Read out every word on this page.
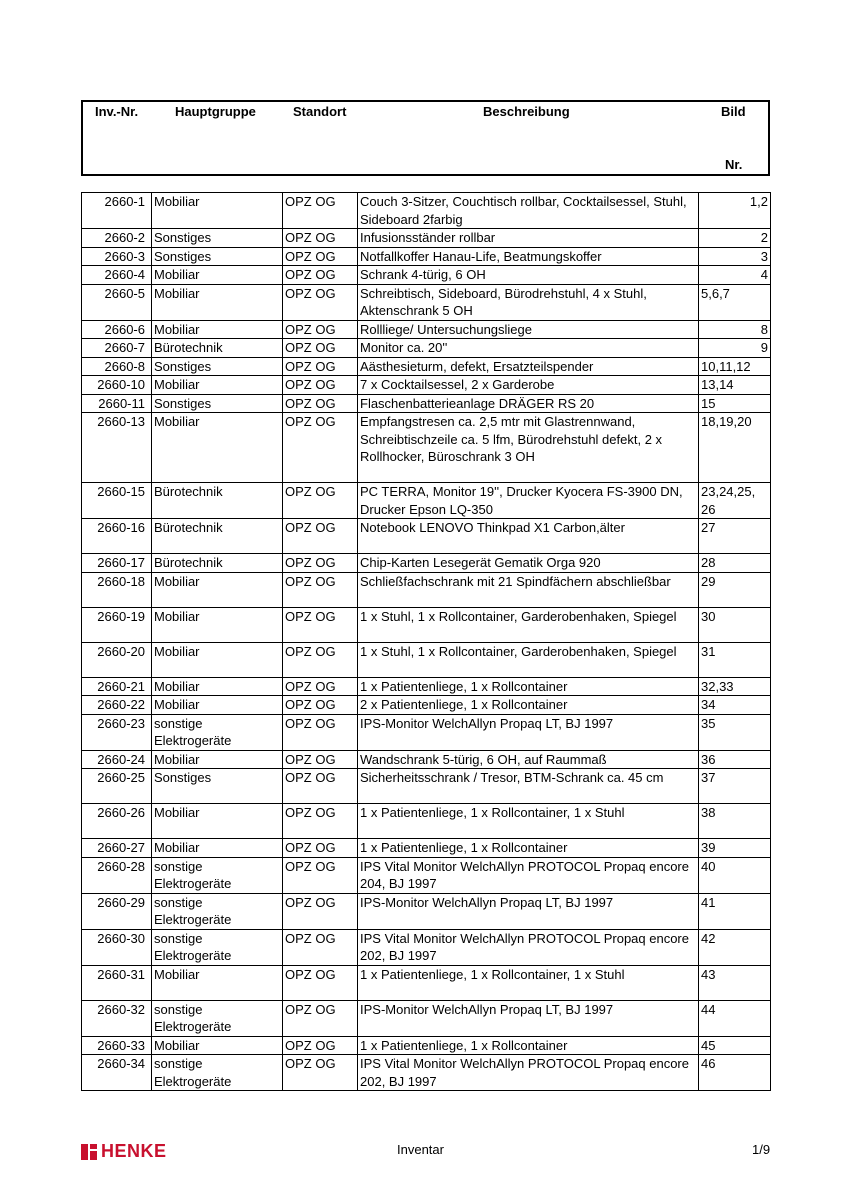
Inv.-Nr.	Hauptgruppe	Standort	Beschreibung	Bild
Nr.
2660-1	Mobiliar	OPZ OG	Couch 3-Sitzer, Couchtisch rollbar, Cocktailsessel, Stuhl, Sideboard 2farbig	1,2
2660-2	Sonstiges	OPZ OG	Infusionsständer rollbar	2
2660-3	Sonstiges	OPZ OG	Notfallkoffer Hanau-Life, Beatmungskoffer	3
2660-4	Mobiliar	OPZ OG	Schrank 4-türig, 6 OH	4
2660-5	Mobiliar	OPZ OG	Schreibtisch, Sideboard, Bürodrehstuhl, 4 x Stuhl, Aktenschrank 5 OH	5,6,7
2660-6	Mobiliar	OPZ OG	Rollliege/ Untersuchungsliege	8
2660-7	Bürotechnik	OPZ OG	Monitor ca. 20''	9
2660-8	Sonstiges	OPZ OG	Aästhesieturm, defekt, Ersatzteilspender	10,11,12
2660-10	Mobiliar	OPZ OG	7 x Cocktailsessel, 2 x Garderobe	13,14
2660-11	Sonstiges	OPZ OG	Flaschenbatterieanlage DRÄGER RS 20	15
2660-13	Mobiliar	OPZ OG	Empfangstresen ca. 2,5 mtr mit Glastrennwand, Schreibtischzeile ca. 5 lfm, Bürodrehstuhl defekt, 2 x Rollhocker, Büroschrank 3 OH	18,19,20
2660-15	Bürotechnik	OPZ OG	PC TERRA, Monitor 19'', Drucker Kyocera FS-3900 DN, Drucker Epson LQ-350	23,24,25, 26
2660-16	Bürotechnik	OPZ OG	Notebook LENOVO Thinkpad X1 Carbon,älter	27
2660-17	Bürotechnik	OPZ OG	Chip-Karten Lesegerät Gematik Orga 920	28
2660-18	Mobiliar	OPZ OG	Schließfachschrank mit 21 Spindfächern abschließbar	29
2660-19	Mobiliar	OPZ OG	1 x Stuhl, 1 x Rollcontainer, Garderobenhaken, Spiegel	30
2660-20	Mobiliar	OPZ OG	1 x Stuhl, 1 x Rollcontainer, Garderobenhaken, Spiegel	31
2660-21	Mobiliar	OPZ OG	1 x Patientenliege, 1 x Rollcontainer	32,33
2660-22	Mobiliar	OPZ OG	2 x Patientenliege, 1 x Rollcontainer	34
2660-23	sonstige Elektrogeräte	OPZ OG	IPS-Monitor WelchAllyn Propaq LT, BJ 1997	35
2660-24	Mobiliar	OPZ OG	Wandschrank 5-türig, 6 OH, auf Raummaß	36
2660-25	Sonstiges	OPZ OG	Sicherheitsschrank / Tresor, BTM-Schrank ca. 45 cm	37
2660-26	Mobiliar	OPZ OG	1 x Patientenliege, 1 x Rollcontainer, 1 x Stuhl	38
2660-27	Mobiliar	OPZ OG	1 x Patientenliege, 1 x Rollcontainer	39
2660-28	sonstige Elektrogeräte	OPZ OG	IPS Vital Monitor WelchAllyn PROTOCOL Propaq encore 204, BJ 1997	40
2660-29	sonstige Elektrogeräte	OPZ OG	IPS-Monitor WelchAllyn Propaq LT, BJ 1997	41
2660-30	sonstige Elektrogeräte	OPZ OG	IPS Vital Monitor WelchAllyn PROTOCOL Propaq encore 202, BJ 1997	42
2660-31	Mobiliar	OPZ OG	1 x Patientenliege, 1 x Rollcontainer, 1 x Stuhl	43
2660-32	sonstige Elektrogeräte	OPZ OG	IPS-Monitor WelchAllyn Propaq LT, BJ 1997	44
2660-33	Mobiliar	OPZ OG	1 x Patientenliege, 1 x Rollcontainer	45
2660-34	sonstige Elektrogeräte	OPZ OG	IPS Vital Monitor WelchAllyn PROTOCOL Propaq encore 202, BJ 1997	46
HENKE	Inventar	1/9
